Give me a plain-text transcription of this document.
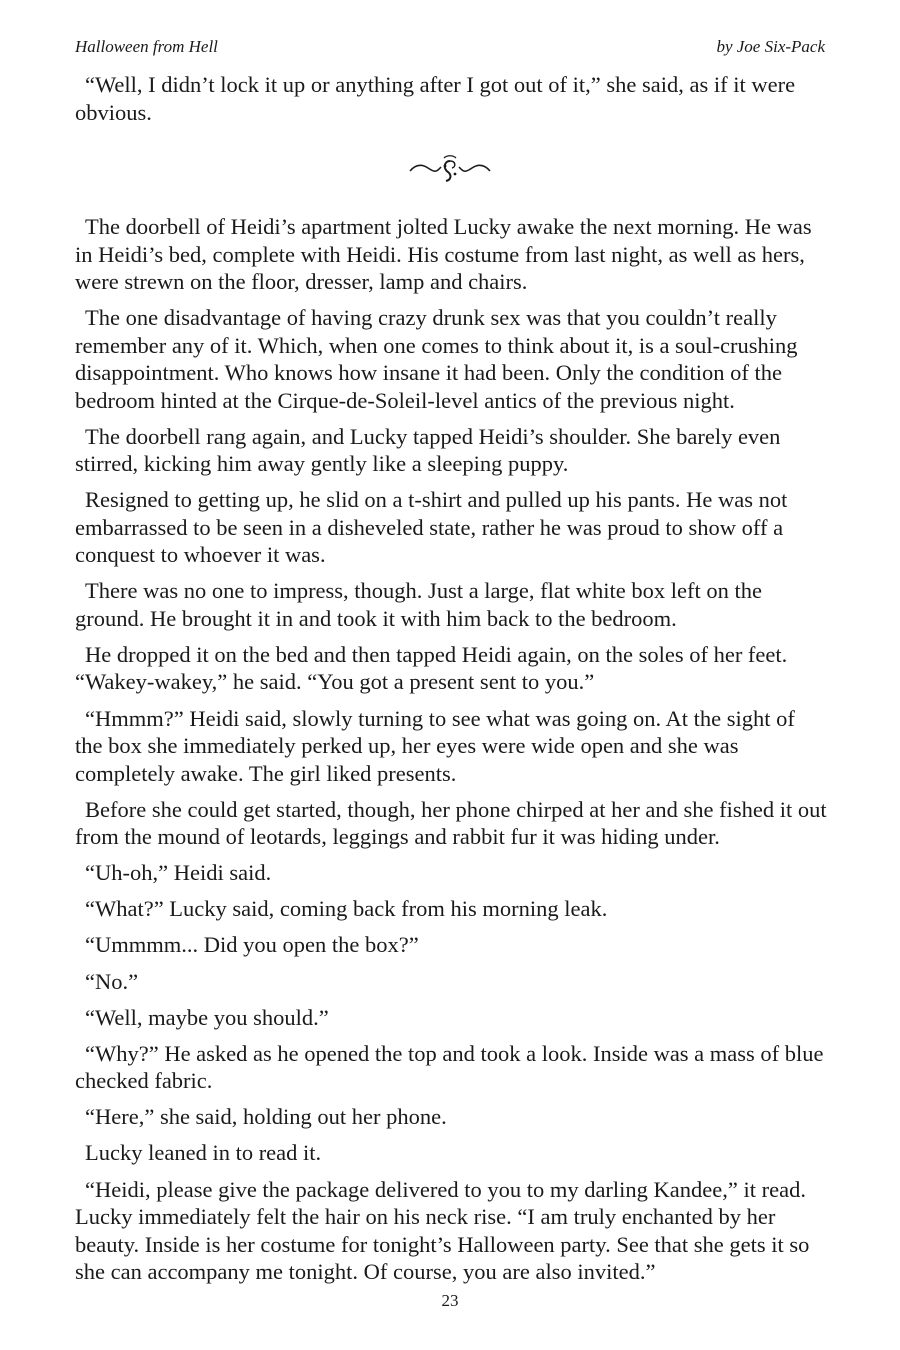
Halloween from Hell	by Joe Six-Pack

“Well, I didn’t lock it up or anything after I got out of it,” she said, as if it were obvious.

The doorbell of Heidi’s apartment jolted Lucky awake the next morning. He was in Heidi’s bed, complete with Heidi. His costume from last night, as well as hers, were strewn on the floor, dresser, lamp and chairs.

The one disadvantage of having crazy drunk sex was that you couldn’t really remember any of it. Which, when one comes to think about it, is a soul-crushing disappointment. Who knows how insane it had been. Only the condition of the bedroom hinted at the Cirque-de-Soleil-level antics of the previous night.

The doorbell rang again, and Lucky tapped Heidi’s shoulder. She barely even stirred, kicking him away gently like a sleeping puppy.

Resigned to getting up, he slid on a t-shirt and pulled up his pants. He was not embarrassed to be seen in a disheveled state, rather he was proud to show off a conquest to whoever it was.

There was no one to impress, though. Just a large, flat white box left on the ground. He brought it in and took it with him back to the bedroom.

He dropped it on the bed and then tapped Heidi again, on the soles of her feet. “Wakey-wakey,” he said. “You got a present sent to you.”

“Hmmm?” Heidi said, slowly turning to see what was going on. At the sight of the box she immediately perked up, her eyes were wide open and she was completely awake. The girl liked presents.

Before she could get started, though, her phone chirped at her and she fished it out from the mound of leotards, leggings and rabbit fur it was hiding under.

“Uh-oh,” Heidi said.

“What?” Lucky said, coming back from his morning leak.

“Ummmm... Did you open the box?”

“No.”

“Well, maybe you should.”

“Why?” He asked as he opened the top and took a look. Inside was a mass of blue checked fabric.

“Here,” she said, holding out her phone.

Lucky leaned in to read it.

“Heidi, please give the package delivered to you to my darling Kandee,” it read. Lucky immediately felt the hair on his neck rise. “I am truly enchanted by her beauty. Inside is her costume for tonight’s Halloween party. See that she gets it so she can accompany me tonight. Of course, you are also invited.”

23
